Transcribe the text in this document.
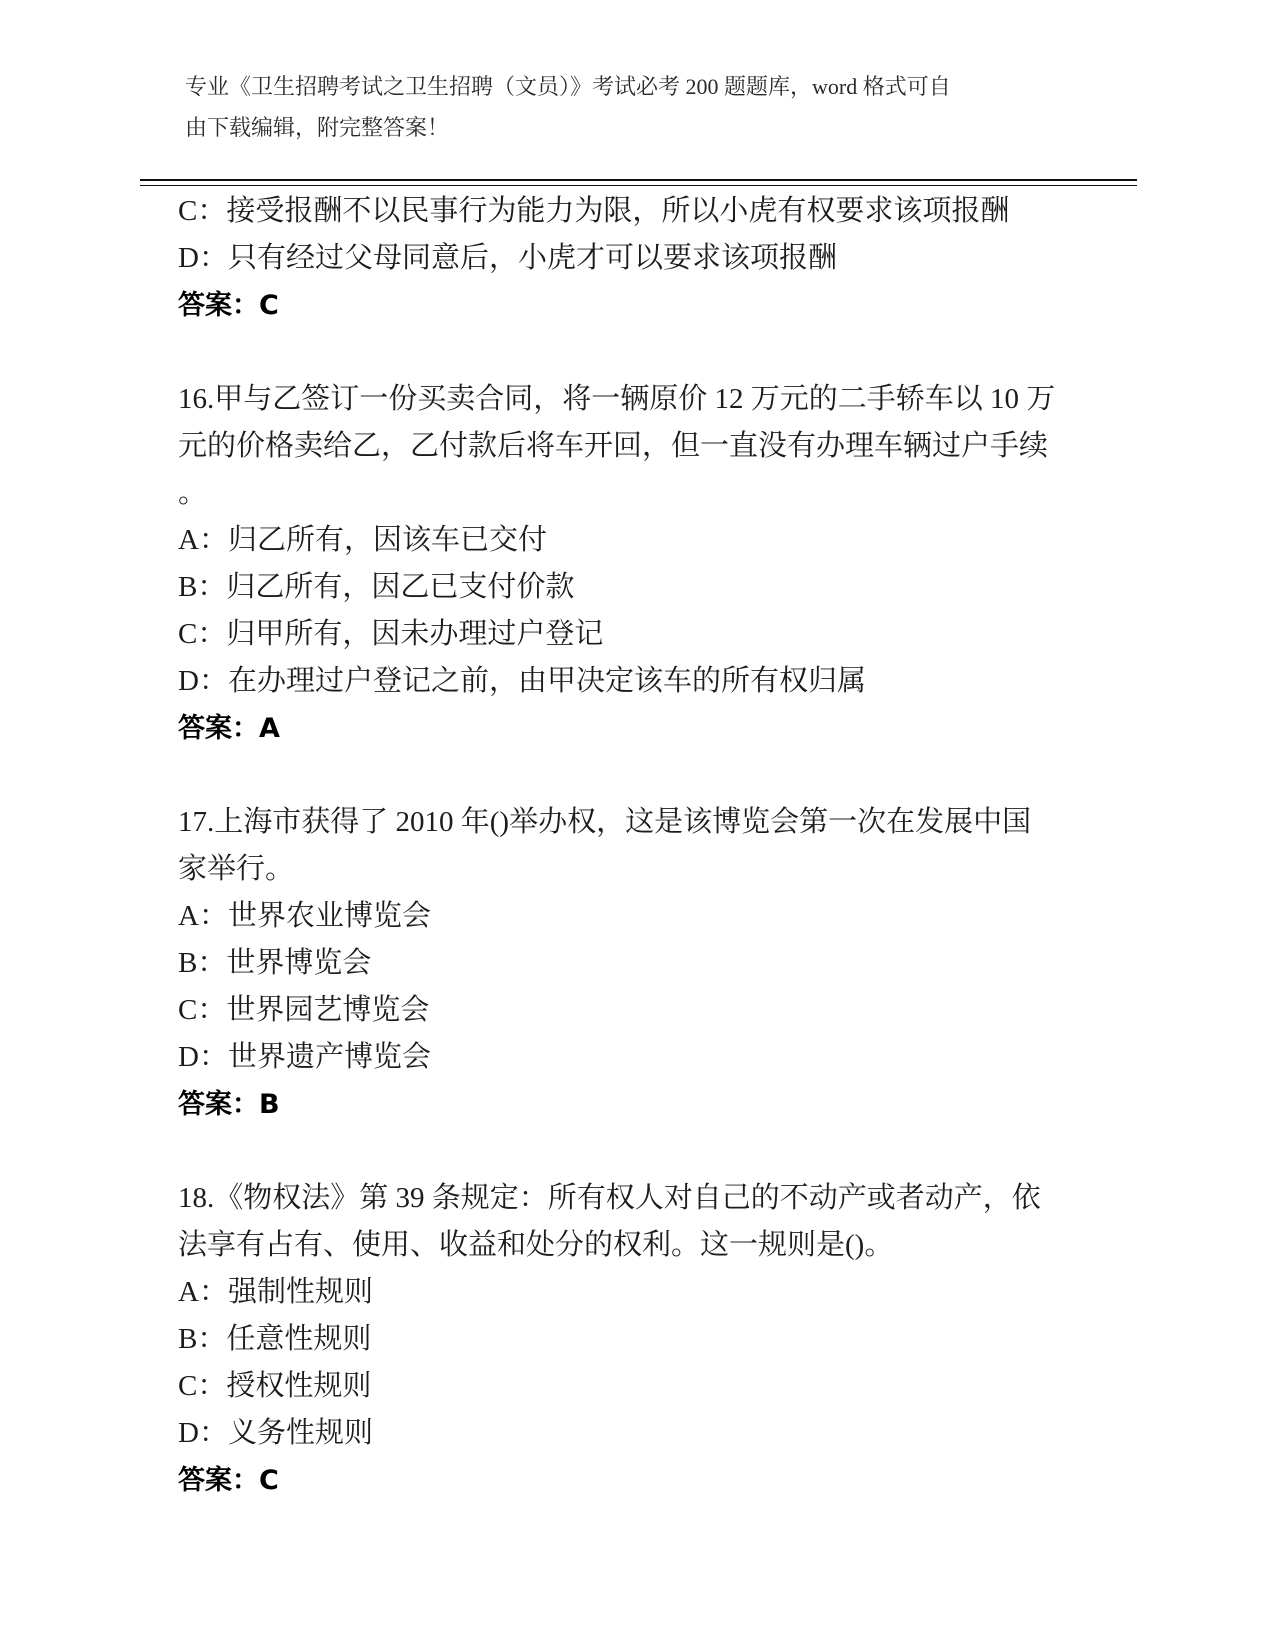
专业《卫生招聘考试之卫生招聘（文员）》考试必考 200 题题库，word 格式可自
由下载编辑，附完整答案！
C：接受报酬不以民事行为能力为限，所以小虎有权要求该项报酬
D：只有经过父母同意后，小虎才可以要求该项报酬
答案：C
16.甲与乙签订一份买卖合同，将一辆原价 12 万元的二手轿车以 10 万
元的价格卖给乙，乙付款后将车开回，但一直没有办理车辆过户手续
。
A：归乙所有，因该车已交付
B：归乙所有，因乙已支付价款
C：归甲所有，因未办理过户登记
D：在办理过户登记之前，由甲决定该车的所有权归属
答案：A
17.上海市获得了 2010 年()举办权，这是该博览会第一次在发展中国
家举行。
A：世界农业博览会
B：世界博览会
C：世界园艺博览会
D：世界遗产博览会
答案：B
18.《物权法》第 39 条规定：所有权人对自己的不动产或者动产，依
法享有占有、使用、收益和处分的权利。这一规则是()。
A：强制性规则
B：任意性规则
C：授权性规则
D：义务性规则
答案：C
